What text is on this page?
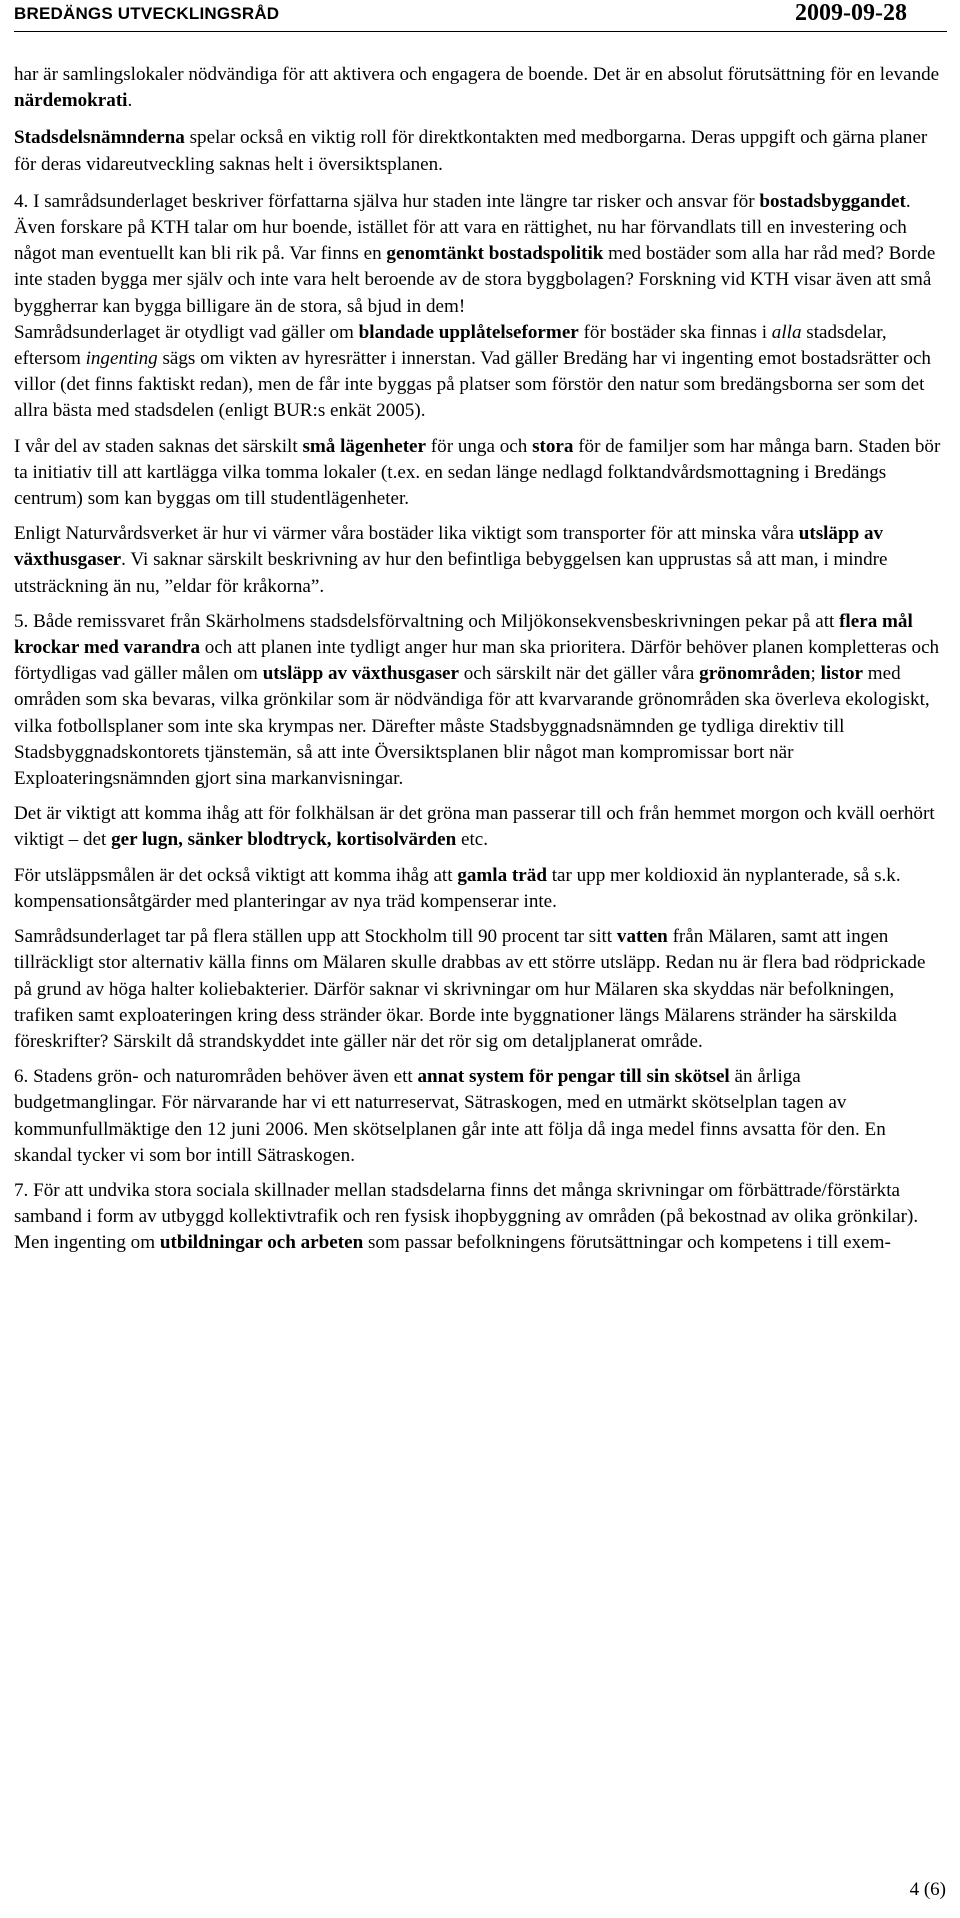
BREDÄNGS UTVECKLINGSRÅD	2009-09-28

har är samlingslokaler nödvändiga för att aktivera och engagera de boende. Det är en absolut förutsättning för en levande närdemokrati.

Stadsdelsnämnderna spelar också en viktig roll för direktkontakten med medborgarna. Deras uppgift och gärna planer för deras vidareutveckling saknas helt i översiktsplanen.

4. I samrådsunderlaget beskriver författarna själva hur staden inte längre tar risker och ansvar för bostadsbyggandet. Även forskare på KTH talar om hur boende, istället för att vara en rättighet, nu har förvandlats till en investering och något man eventuellt kan bli rik på. Var finns en genomtänkt bostadspolitik med bostäder som alla har råd med? Borde inte staden bygga mer själv och inte vara helt beroende av de stora byggbolagen? Forskning vid KTH visar även att små byggherrar kan bygga billigare än de stora, så bjud in dem!

Samrådsunderlaget är otydligt vad gäller om blandade upplåtelseformer för bostäder ska finnas i alla stadsdelar, eftersom ingenting sägs om vikten av hyresrätter i innerstan. Vad gäller Bredäng har vi ingenting emot bostadsrätter och villor (det finns faktiskt redan), men de får inte byggas på platser som förstör den natur som bredängsborna ser som det allra bästa med stadsdelen (enligt BUR:s enkät 2005).

I vår del av staden saknas det särskilt små lägenheter för unga och stora för de familjer som har många barn. Staden bör ta initiativ till att kartlägga vilka tomma lokaler (t.ex. en sedan länge nedlagd folktandvårdsmottagning i Bredängs centrum) som kan byggas om till studentlägenheter.

Enligt Naturvårdsverket är hur vi värmer våra bostäder lika viktigt som transporter för att minska våra utsläpp av växthusgaser. Vi saknar särskilt beskrivning av hur den befintliga bebyggelsen kan upprustas så att man, i mindre utsträckning än nu, ”eldar för kråkorna”.

5. Både remissvaret från Skärholmens stadsdelsförvaltning och Miljökonsekvensbeskrivningen pekar på att flera mål krockar med varandra och att planen inte tydligt anger hur man ska prioritera. Därför behöver planen kompletteras och förtydligas vad gäller målen om utsläpp av växthusgaser och särskilt när det gäller våra grönområden; listor med områden som ska bevaras, vilka grönkilar som är nödvändiga för att kvarvarande grönområden ska överleva ekologiskt, vilka fotbollsplaner som inte ska krympas ner. Därefter måste Stadsbyggnadsnämnden ge tydliga direktiv till Stadsbyggnadskontorets tjänstemän, så att inte Översiktsplanen blir något man kompromissar bort när Exploateringsnämnden gjort sina markanvisningar.

Det är viktigt att komma ihåg att för folkhälsan är det gröna man passerar till och från hemmet morgon och kväll oerhört viktigt – det ger lugn, sänker blodtryck, kortisolvärden etc.

För utsläppsmålen är det också viktigt att komma ihåg att gamla träd tar upp mer koldioxid än nyplanterade, så s.k. kompensationsåtgärder med planteringar av nya träd kompenserar inte.

Samrådsunderlaget tar på flera ställen upp att Stockholm till 90 procent tar sitt vatten från Mälaren, samt att ingen tillräckligt stor alternativ källa finns om Mälaren skulle drabbas av ett större utsläpp. Redan nu är flera bad rödprickade på grund av höga halter koliebakterier. Därför saknar vi skrivningar om hur Mälaren ska skyddas när befolkningen, trafiken samt exploateringen kring dess stränder ökar. Borde inte byggnationer längs Mälarens stränder ha särskilda föreskrifter? Särskilt då strandskyddet inte gäller när det rör sig om detaljplanerat område.

6. Stadens grön- och naturområden behöver även ett annat system för pengar till sin skötsel än årliga budgetmanglingar. För närvarande har vi ett naturreservat, Sätraskogen, med en utmärkt skötselplan tagen av kommunfullmäktige den 12 juni 2006. Men skötselplanen går inte att följa då inga medel finns avsatta för den. En skandal tycker vi som bor intill Sätraskogen.

7. För att undvika stora sociala skillnader mellan stadsdelarna finns det många skrivningar om förbättrade/förstärkta samband i form av utbyggd kollektivtrafik och ren fysisk ihopbyggning av områden (på bekostnad av olika grönkilar). Men ingenting om utbildningar och arbeten som passar befolkningens förutsättningar och kompetens i till exem-

4 (6)
